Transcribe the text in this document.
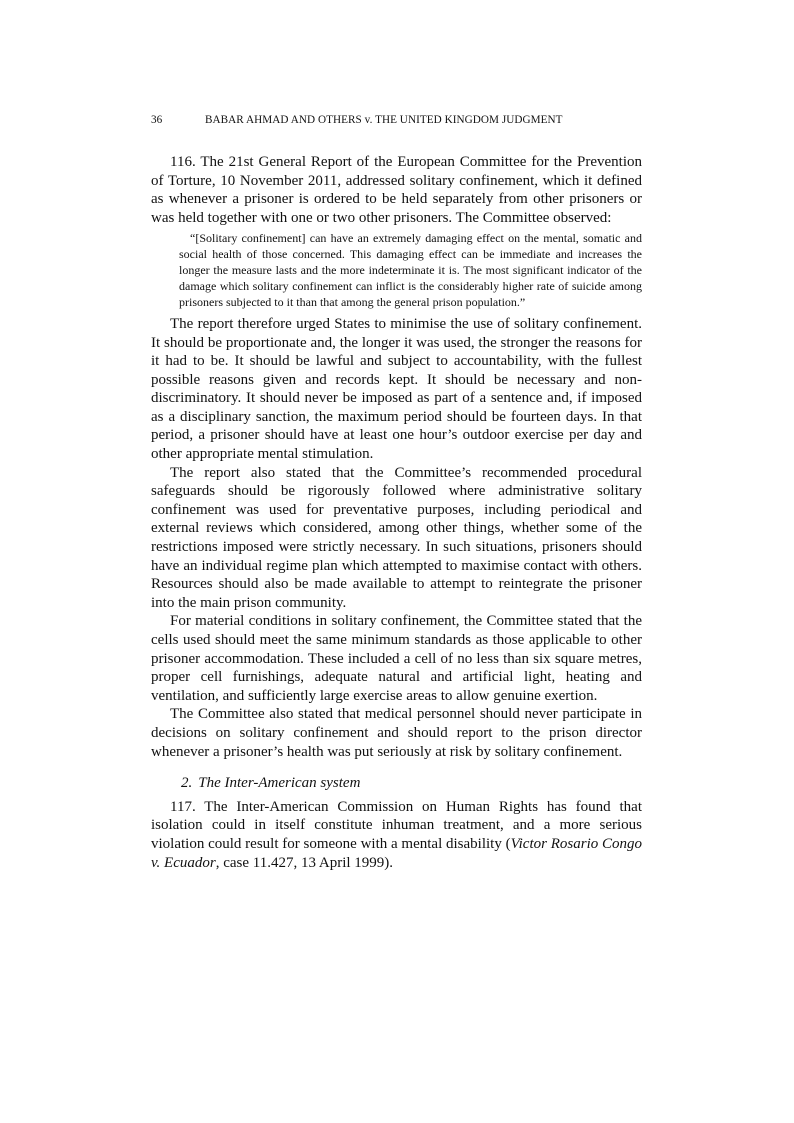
36	BABAR AHMAD AND OTHERS v. THE UNITED KINGDOM JUDGMENT

116. The 21st General Report of the European Committee for the Prevention of Torture, 10 November 2011, addressed solitary confinement, which it defined as whenever a prisoner is ordered to be held separately from other prisoners or was held together with one or two other prisoners. The Committee observed:

“[Solitary confinement] can have an extremely damaging effect on the mental, somatic and social health of those concerned. This damaging effect can be immediate and increases the longer the measure lasts and the more indeterminate it is. The most significant indicator of the damage which solitary confinement can inflict is the considerably higher rate of suicide among prisoners subjected to it than that among the general prison population.”

The report therefore urged States to minimise the use of solitary confinement. It should be proportionate and, the longer it was used, the stronger the reasons for it had to be. It should be lawful and subject to accountability, with the fullest possible reasons given and records kept. It should be necessary and non-discriminatory. It should never be imposed as part of a sentence and, if imposed as a disciplinary sanction, the maximum period should be fourteen days. In that period, a prisoner should have at least one hour’s outdoor exercise per day and other appropriate mental stimulation.

The report also stated that the Committee’s recommended procedural safeguards should be rigorously followed where administrative solitary confinement was used for preventative purposes, including periodical and external reviews which considered, among other things, whether some of the restrictions imposed were strictly necessary. In such situations, prisoners should have an individual regime plan which attempted to maximise contact with others. Resources should also be made available to attempt to reintegrate the prisoner into the main prison community.

For material conditions in solitary confinement, the Committee stated that the cells used should meet the same minimum standards as those applicable to other prisoner accommodation. These included a cell of no less than six square metres, proper cell furnishings, adequate natural and artificial light, heating and ventilation, and sufficiently large exercise areas to allow genuine exertion.

The Committee also stated that medical personnel should never participate in decisions on solitary confinement and should report to the prison director whenever a prisoner’s health was put seriously at risk by solitary confinement.

2. The Inter-American system

117. The Inter-American Commission on Human Rights has found that isolation could in itself constitute inhuman treatment, and a more serious violation could result for someone with a mental disability (Victor Rosario Congo v. Ecuador, case 11.427, 13 April 1999).
